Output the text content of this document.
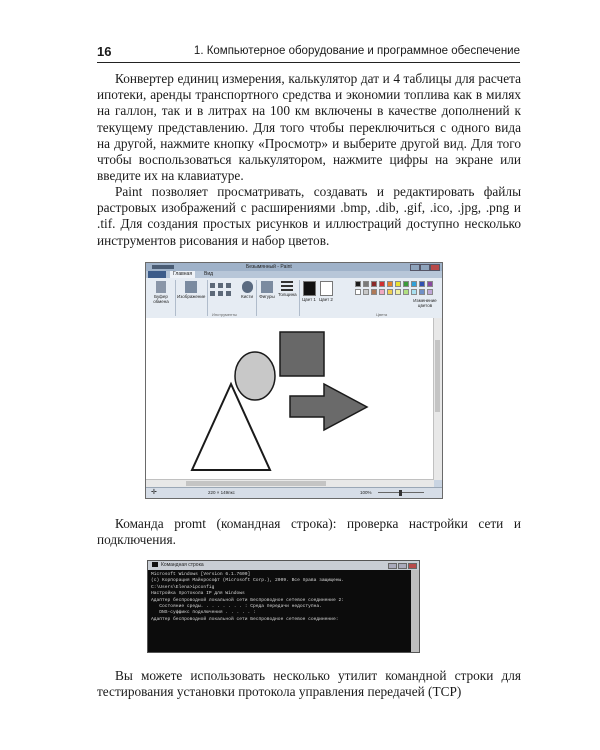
16	1. Компьютерное оборудование и программное обеспечение

Конвертер единиц измерения, калькулятор дат и 4 таблицы для расчета ипотеки, аренды транспортного средства и экономии топлива как в милях на галлон, так и в литрах на 100 км включены в качестве дополнений к текущему представлению. Для того чтобы переключиться с одного вида на другой, нажмите кнопку «Просмотр» и выберите другой вид. Для того чтобы воспользоваться калькулятором, нажмите цифры на экране или введите их на клавиатуре.

Paint позволяет просматривать, создавать и редактировать файлы растровых изображений с расширениями .bmp, .dib, .gif, .ico, .jpg, .png и .tif. Для создания простых рисунков и иллюстраций доступно несколько инструментов рисования и набор цветов.

Безымянный - Paint
Главная	Вид
Буфер обмена
Изображение
Инструменты
Кисти Фигуры Толщина
Цвет 1 Цвет 2
Цвета
Изменение цветов
✛	220 × 149пкс	100%

Команда promt (командная строка): проверка настройки сети и подключения.

Командная строка
Microsoft Windows [Version 6.1.7600]
(c) Корпорация Майкрософт (Microsoft Corp.), 2009. Все права защищены.
C:\Users\Elena>ipconfig
Настройка протокола IP для Windows
Адаптер беспроводной локальной сети Беспроводное сетевое соединение 2:
Состояние среды. . . . . . . . : Среда передачи недоступна.
DNS-суффикс подключения . . . . . :
Адаптер беспроводной локальной сети Беспроводное сетевое соединение:

Вы можете использовать несколько утилит командной строки для тестирования установки протокола управления передачей (TCP)
